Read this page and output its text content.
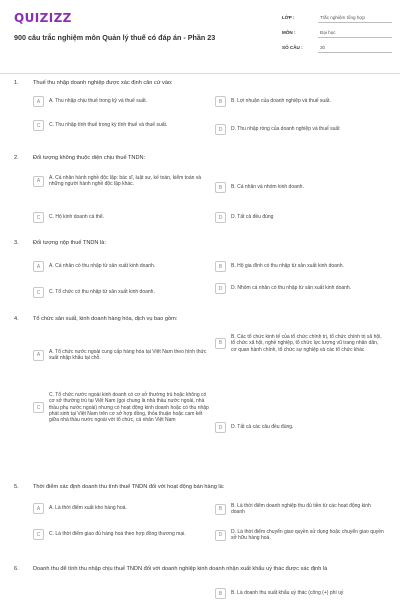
QUIZIZZ
900 câu trắc nghiệm môn Quản lý thuế có đáp án - Phần 23
LỚP :	Trắc nghiệm tổng hợp
MÔN :	Đại học
SỐ CÂU :	30
1.	Thuế thu nhập doanh nghiệp được xác định căn cứ vào:
A	A. Thu nhập chịu thuế trong kỳ và thuế suất.	B	B. Lợi nhuận của doanh nghiệp và thuế suất.
C	C. Thu nhập tính thuế trong kỳ tính thuế và thuế suất.
D	D. Thu nhập ròng của doanh nghiệp và thuế suất
2.	Đối tượng không thuộc diện chịu thuế TNDN:
A
A. Cá nhân hành nghề độc lập: bác sĩ, luật sư, kế toán, kiểm toán và những người hành nghề độc lập khác.
B	B. Cá nhân và nhóm kinh doanh.
C	C. Hộ kinh doanh cá thể.	D	D. Tất cả đều đúng
3.	Đối tượng nộp thuế TNDN là:
A	A. Cá nhân có thu nhập từ sản xuất kinh doanh.	B	B. Hộ gia đình có thu nhập từ sản xuất kinh doanh.
C	C. Tổ chức có thu nhập từ sản xuất kinh doanh.
D	D. Nhóm cá nhân có thu nhập từ sản xuất kinh doanh.
4.	Tổ chức sản xuất, kinh doanh hàng hóa, dịch vụ bao gồm:
A
A. Tổ chức nước ngoài cung cấp hàng hóa tại Việt Nam theo hình thức xuất nhập khẩu tại chỗ.
B
B. Các tổ chức kinh tế của tổ chức chính trị, tổ chức chính trị xã hội, tổ chức xã hội, nghề nghiệp, tổ chức lực lượng vũ trang nhân dân, cơ quan hành chính, tổ chức sự nghiệp và các tổ chức khác
C
C. Tổ chức nước ngoài kinh doanh có cơ sở thường trú hoặc không có cơ sở thường trú tại Việt Nam (gọi chung là nhà thầu nước ngoài, nhà thầu phụ nước ngoài) nhưng có hoạt động kinh doanh hoặc có thu nhập phát sinh tại Việt Nam trên cơ sở hợp đồng, thỏa thuận hoặc cam kết giữa nhà thầu nước ngoài với tổ chức, cá nhân Việt Nam
D	D. Tất cả các câu đều đúng.
5.	Thời điểm xác định doanh thu tính thuế TNDN đối với hoạt động bán hàng là:
A	A. Là thời điểm xuất kho hàng hoá.	B
B. Là thời điểm doanh nghiệp thu đủ tiền từ các hoạt động kinh doanh
C	C. Là thời điểm giao đủ hàng hoá theo hợp đồng thương mại.	D
D. Là thời điểm chuyển giao quyền sử dụng hoặc chuyển giao quyền sở hữu hàng hoá.
6.	Doanh thu để tính thu nhập chịu thuế TNDN đối với doanh nghiệp kinh doanh nhận xuất khẩu uỷ thác được xác định là
B	B. Là doanh thu xuất khẩu uỷ thác (công (+) phí uỷ
